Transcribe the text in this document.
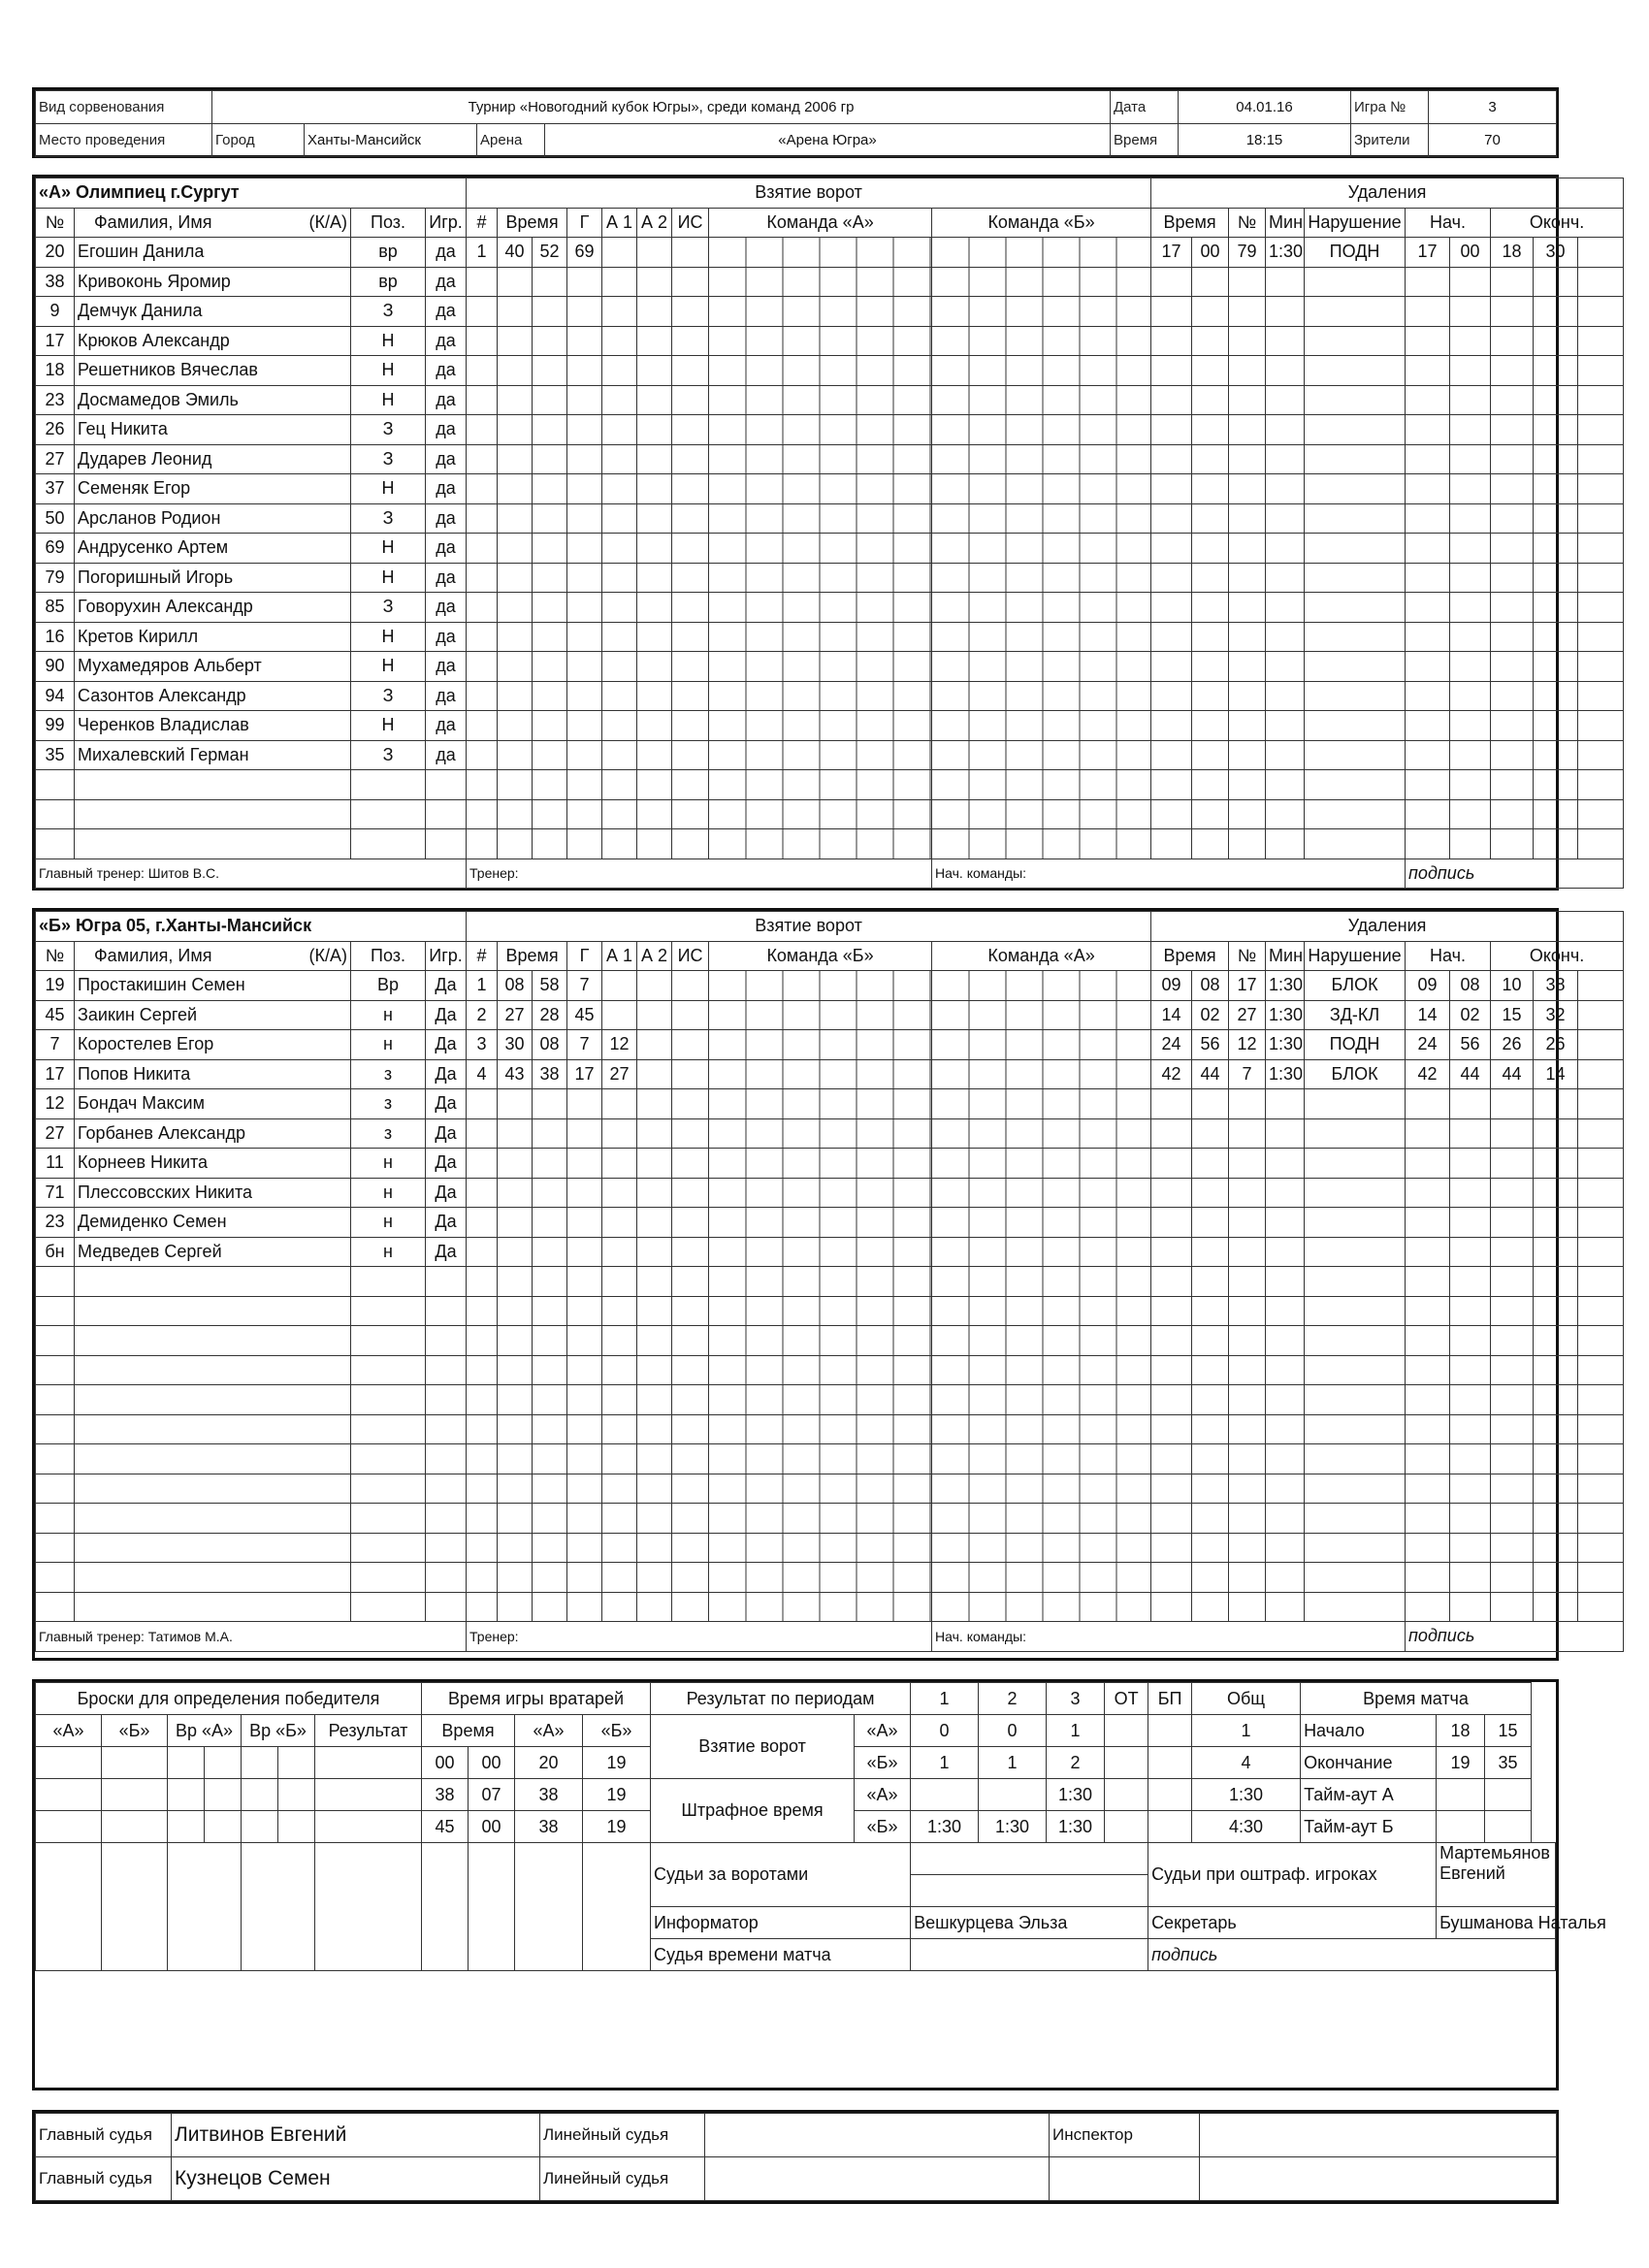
Вид сорвенования	Турнир «Новогодний кубок Югры», среди команд 2006 гр				Дата	04.01.16	Игра №	3
Место проведения	Город	Ханты-Мансийск	Арена	«Арена Югра»	Время	18:15	Зрители	70
«А» Олимпиец г.Сургут				Взятие ворот									Удаления									
№	Фамилия, Имя (К/А)	Поз.	Игр.	#	Время		Г	А 1	А 2	ИС	Команда «А»	Команда «Б»	Время		№	Мин	Нарушение	Нач.		Оконч.		
20	Егошин Данила	вр	да	1	40	52	69						17	00	79	1:30	ПОДН	17	00	18	30	
38	Кривоконь Яромир	вр	да																			
9	Демчук Данила	З	да																			
17	Крюков Александр	Н	да																			
18	Решетников Вячеслав	Н	да																			
23	Досмамедов Эмиль	Н	да																			
26	Гец Никита	З	да																			
27	Дударев Леонид	З	да																			
37	Семеняк Егор	Н	да																			
50	Арсланов Родион	З	да																			
69	Андрусенко Артем	Н	да																			
79	Погоришный Игорь	Н	да																			
85	Говорухин Александр	З	да																			
16	Кретов Кирилл	Н	да																			
90	Мухамедяров Альберт	Н	да																			
94	Сазонтов Александр	З	да																			
99	Черенков Владислав	Н	да																			
35	Михалевский Герман	З	да																			

Главный тренер: Шитов В.С.				Тренер:								Нач. команды:						подпись				
«Б» Югра 05, г.Ханты-Мансийск				Взятие ворот									Удаления									
№	Фамилия, Имя (К/А)	Поз.	Игр.	#	Время		Г	А 1	А 2	ИС	Команда «Б»	Команда «А»	Время		№	Мин	Нарушение	Нач.		Оконч.		
19	Простакишин Семен	Вр	Да	1	08	58	7						09	08	17	1:30	БЛОК	09	08	10	38	
45	Заикин Сергей	н	Да	2	27	28	45						14	02	27	1:30	ЗД-КЛ	14	02	15	32	
7	Коростелев Егор	н	Да	3	30	08	7	12					24	56	12	1:30	ПОДН	24	56	26	26	
17	Попов Никита	з	Да	4	43	38	17	27					42	44	7	1:30	БЛОК	42	44	44	14	
12	Бондач Максим	з	Да																			
27	Горбанев Александр	з	Да																			
11	Корнеев Никита	н	Да																			
71	Плессовсских Никита	н	Да																			
23	Демиденко Семен	н	Да																			
бн	Медведев Сергей	н	Да																			

Главный тренер: Татимов М.А.				Тренер:								Нач. команды:						подпись				
Броски для определения победителя							Время игры вратарей				Результат по периодам		1	2	3	ОТ	БП	Общ	Время матча		
«А»	«Б»	Вр «А»		Вр «Б»		Результат	Время		«А»	«Б»	Взятие ворот	«А»	0	0	1			1	Начало	18	15
							00	00	20	19		«Б»	1	1	2			4	Окончание	19	35
							38	07	38	19	Штрафное время	«А»			1:30			1:30	Тайм-аут А		
							45	00	38	19		«Б»	1:30	1:30	1:30			4:30	Тайм-аут Б		
											Судьи за воротами						Судьи при оштраф. игроках			Мартемьянов Евгений	

											Информатор		Вешкурцева Эльза				Секретарь			Бушманова Наталья	
											Судья времени матча						подпись				
Главный судья	Литвинов Евгений	Линейный судья		Инспектор	
Главный судья	Кузнецов Семен	Линейный судья			
